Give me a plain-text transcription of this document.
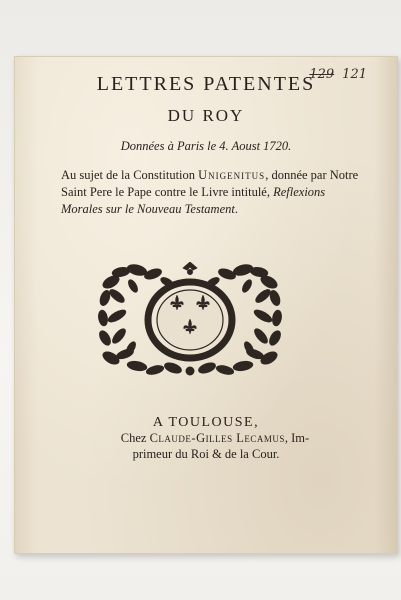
129 121
LETTRES PATENTES
DU ROY
Données à Paris le 4. Aoust 1720.
Au sujet de la Constitution Unigenitus, donnée par Notre Saint Pere le Pape contre le Livre intitulé, Reflexions Morales sur le Nouveau Testament.
A TOULOUSE,
Chez Claude-Gilles Lecamus, Im-
primeur du Roi & de la Cour.
